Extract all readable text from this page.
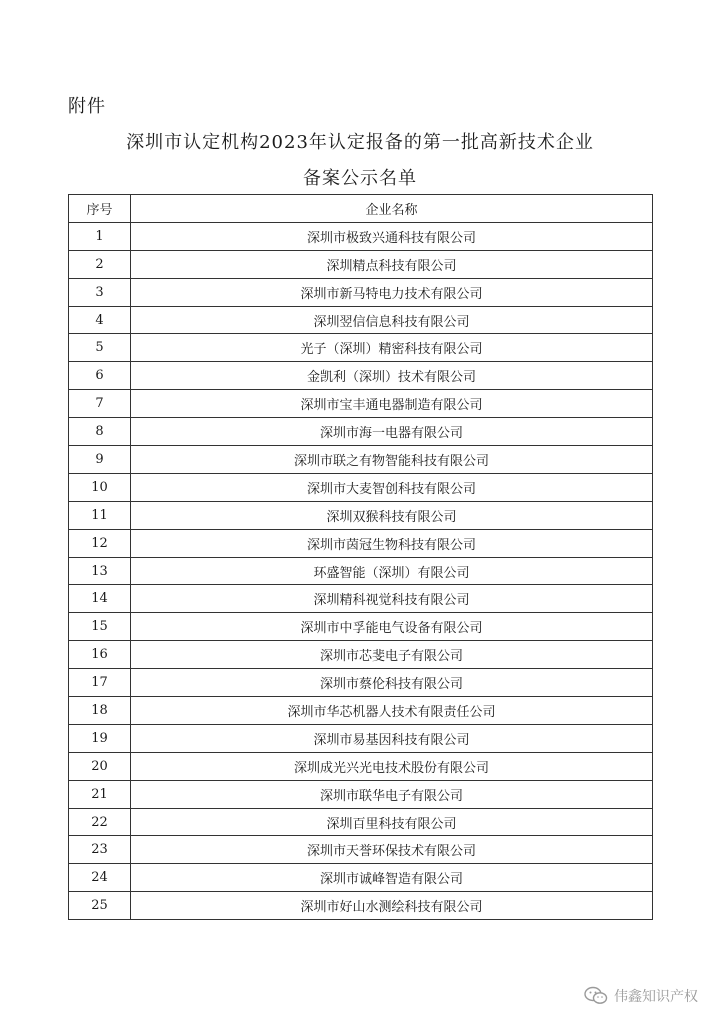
附件
深圳市认定机构2023年认定报备的第一批高新技术企业
备案公示名单
序号	企业名称
1	深圳市极致兴通科技有限公司
2	深圳精点科技有限公司
3	深圳市新马特电力技术有限公司
4	深圳翌信信息科技有限公司
5	光子（深圳）精密科技有限公司
6	金凯利（深圳）技术有限公司
7	深圳市宝丰通电器制造有限公司
8	深圳市海一电器有限公司
9	深圳市联之有物智能科技有限公司
10	深圳市大麦智创科技有限公司
11	深圳双猴科技有限公司
12	深圳市茵冠生物科技有限公司
13	环盛智能（深圳）有限公司
14	深圳精科视觉科技有限公司
15	深圳市中孚能电气设备有限公司
16	深圳市芯斐电子有限公司
17	深圳市蔡伦科技有限公司
18	深圳市华芯机器人技术有限责任公司
19	深圳市易基因科技有限公司
20	深圳成光兴光电技术股份有限公司
21	深圳市联华电子有限公司
22	深圳百里科技有限公司
23	深圳市天誉环保技术有限公司
24	深圳市诚峰智造有限公司
25	深圳市好山水测绘科技有限公司
伟鑫知识产权
